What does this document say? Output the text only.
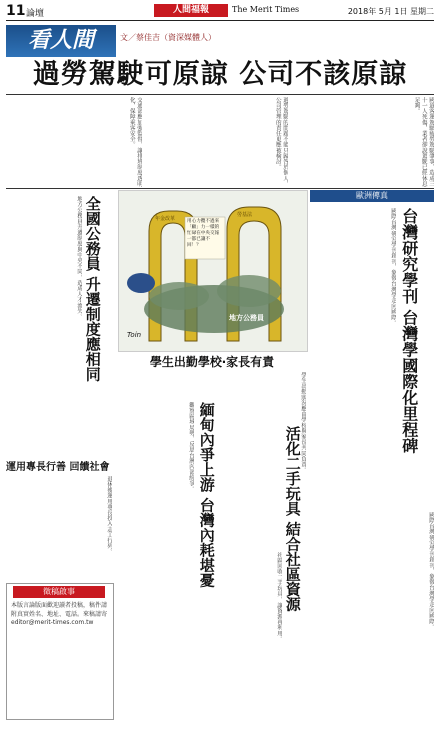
11 論壇	人間福報	The Merit Times	2018年 5月 1日 星期二
看人間	文／蔡佳吉（資深媒體人）
過勞駕駛可原諒 公司不該原諒
國道客運駕駛疲勞駕駛肇事，造成三十一人死傷，業者卻說駕駛已經休息足夠。
過勞駕駛的問題不能只歸咎於個人，公司管理的責任更應被檢討。
交通部應加強監督，讓排班制度透明化，保障乘客安全。
全國公務員 升遷制度應相同
地方公務員升遷制度與中央不同，造成人才流失。	用心力攬不過來「顧」力一樣的忙碌在中央交報一都已讓不回！？
年金改革
勞基法
地方公務員
Toin
學生出勤學校‧家長有責
學生出勤狀況應由學校與家長共同負責。
緬甸內爭上游 台灣內耗堪憂
觀察區域局勢，反思台灣內部紛爭。
運用專長行善 回饋社會
退休後運用專長投入志工行列。	活化二手玩具 結合社區資源
社區回收二手玩具，讓資源再利用。
歐洲傳真
台灣研究學刊 台灣學國際化里程碑
國際台灣研究學刊創刊，象徵台灣學走向國際。
國際台灣研究學刊創刊，象徵台灣學走向國際。
徵稿啟事
本版言論版面歡迎讀者投稿，稿件請附真實姓名、地址、電話。來稿請寄 editor@merit-times.com.tw
